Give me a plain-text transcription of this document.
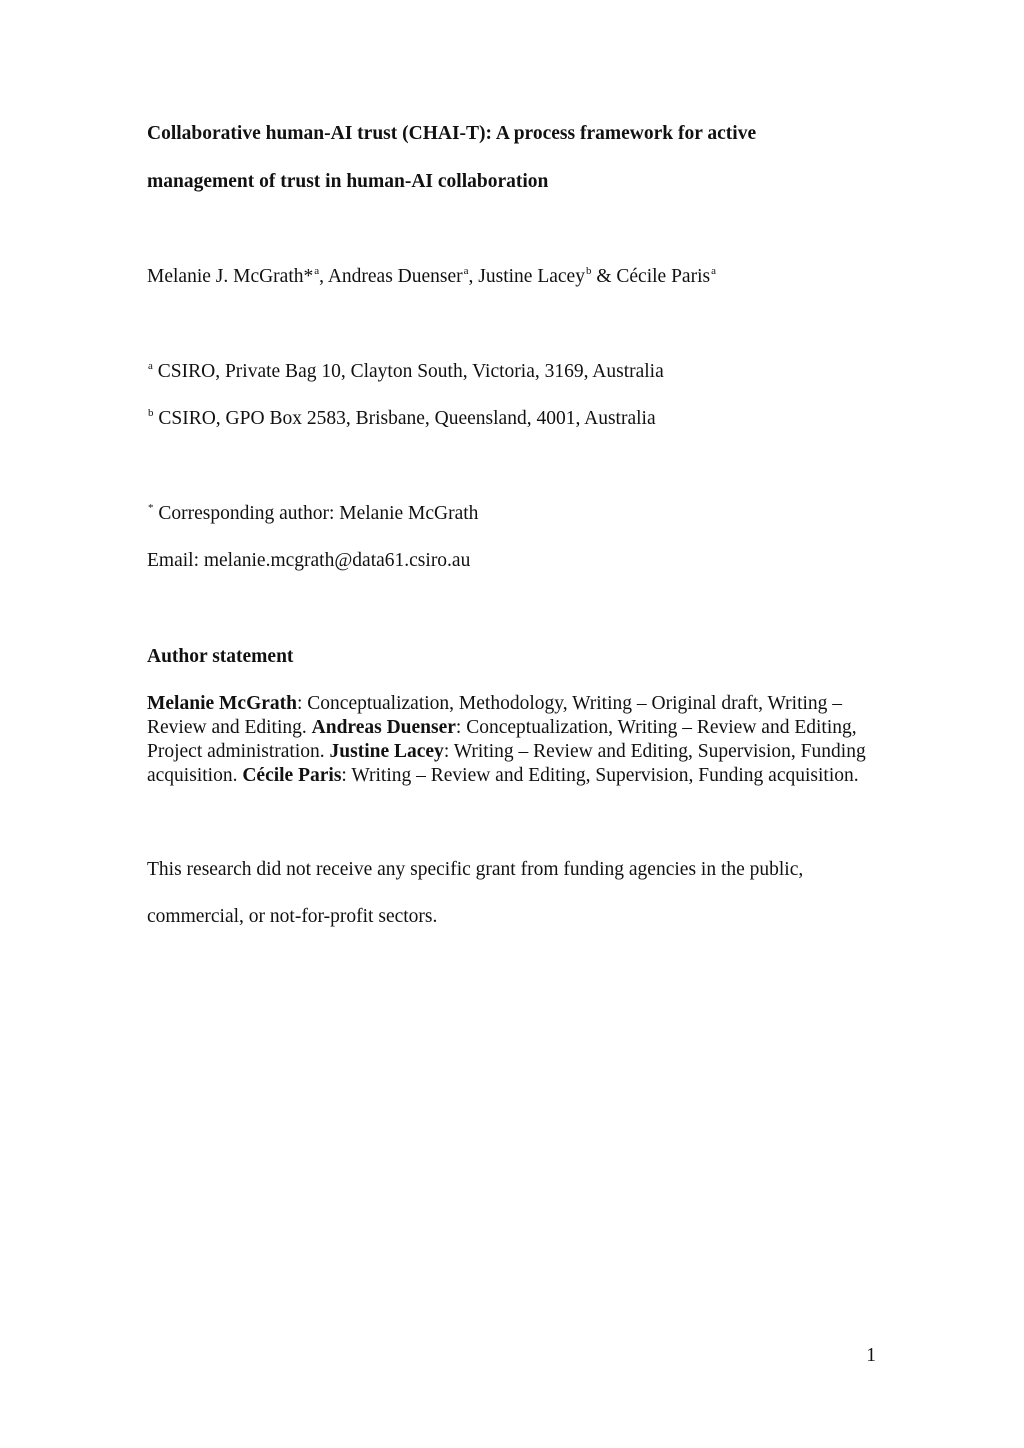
Collaborative human-AI trust (CHAI-T): A process framework for active
management of trust in human-AI collaboration
Melanie J. McGrath*$^a$, Andreas Duenser$^a$, Justine Lacey$^b$ & Cécile Paris$^a$
$^a$ CSIRO, Private Bag 10, Clayton South, Victoria, 3169, Australia
$^b$ CSIRO, GPO Box 2583, Brisbane, Queensland, 4001, Australia
* Corresponding author: Melanie McGrath
Email: melanie.mcgrath@data61.csiro.au
Author statement
Melanie McGrath: Conceptualization, Methodology, Writing – Original draft, Writing – Review and Editing. Andreas Duenser: Conceptualization, Writing – Review and Editing, Project administration. Justine Lacey: Writing – Review and Editing, Supervision, Funding acquisition. Cécile Paris: Writing – Review and Editing, Supervision, Funding acquisition.
This research did not receive any specific grant from funding agencies in the public,
commercial, or not-for-profit sectors.
1
